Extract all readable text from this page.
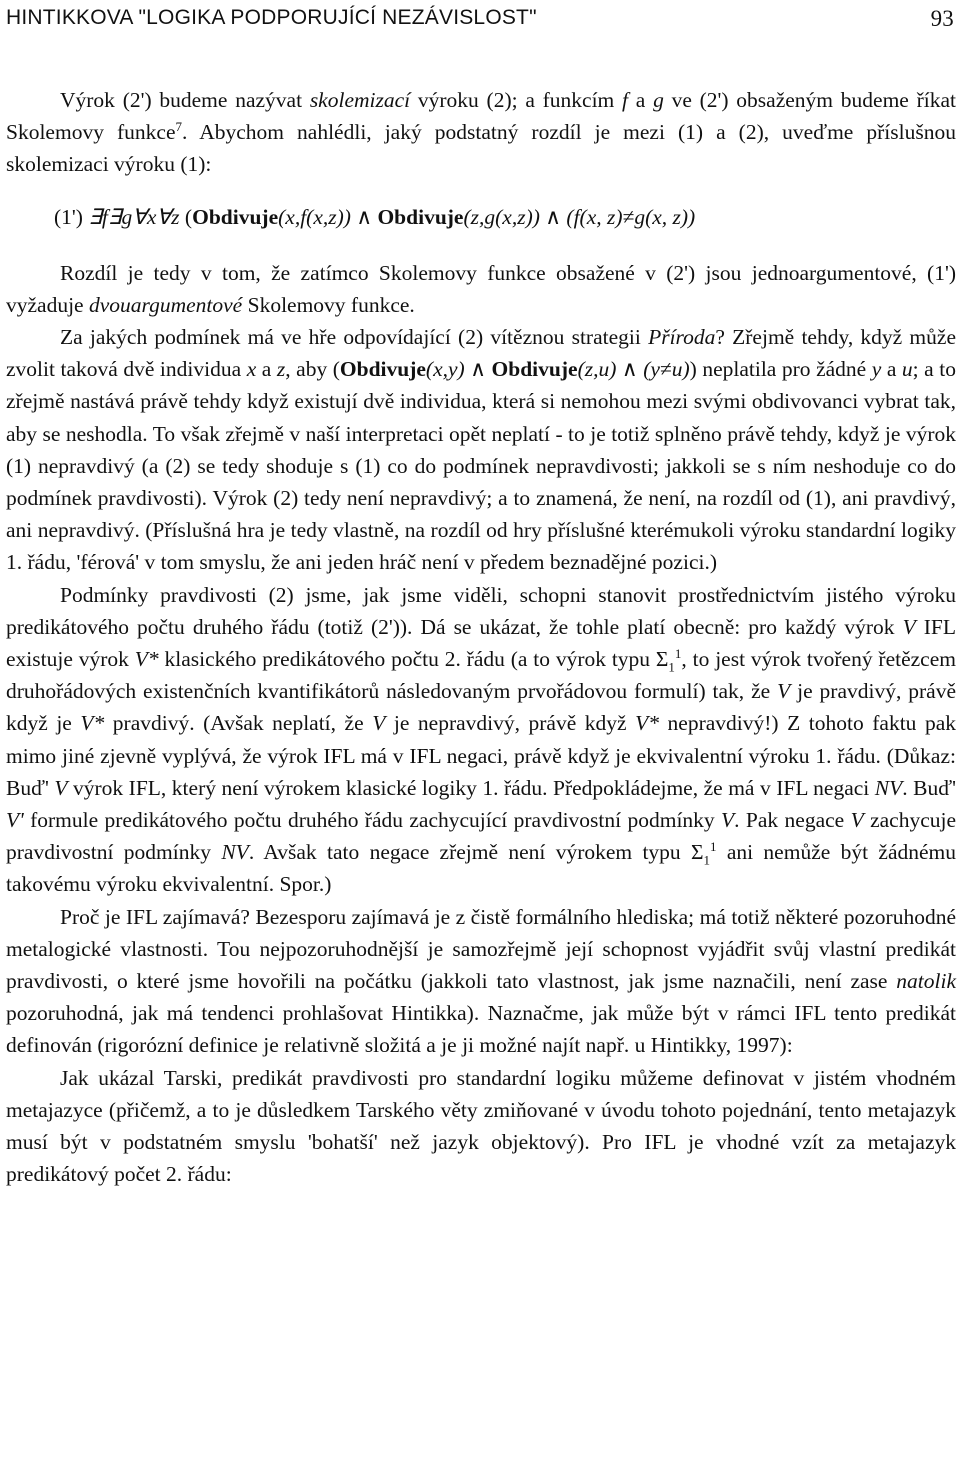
HINTIKKOVA "LOGIKA PODPORUJÍCÍ NEZÁVISLOST"	93

Výrok (2') budeme nazývat skolemizací výroku (2); a funkcím f a g ve (2') obsaženým budeme říkat Skolemovy funkce$^7$. Abychom nahlédli, jaký podstatný rozdíl je mezi (1) a (2), uveďme příslušnou skolemizaci výroku (1):

(1') ∃f∃g∀x∀z (Obdivuje(x,f(x,z)) ∧ Obdivuje(z,g(x,z)) ∧ (f(x, z)≠g(x, z))

Rozdíl je tedy v tom, že zatímco Skolemovy funkce obsažené v (2') jsou jednoargumentové, (1') vyžaduje dvouargumentové Skolemovy funkce.

Za jakých podmínek má ve hře odpovídající (2) vítěznou strategii Příroda? Zřejmě tehdy, když může zvolit taková dvě individua x a z, aby (Obdivuje(x,y) ∧ Obdivuje(z,u) ∧ (y≠u)) neplatila pro žádné y a u; a to zřejmě nastává právě tehdy když existují dvě individua, která si nemohou mezi svými obdivovanci vybrat tak, aby se neshodla. To však zřejmě v naší interpretaci opět neplatí - to je totiž splněno právě tehdy, když je výrok (1) nepravdivý (a (2) se tedy shoduje s (1) co do podmínek nepravdivosti; jakkoli se s ním neshoduje co do podmínek pravdivosti). Výrok (2) tedy není nepravdivý; a to znamená, že není, na rozdíl od (1), ani pravdivý, ani nepravdivý. (Příslušná hra je tedy vlastně, na rozdíl od hry příslušné kterémukoli výroku standardní logiky 1. řádu, 'férová' v tom smyslu, že ani jeden hráč není v předem beznadějné pozici.)

Podmínky pravdivosti (2) jsme, jak jsme viděli, schopni stanovit prostřednictvím jistého výroku predikátového počtu druhého řádu (totiž (2')). Dá se ukázat, že tohle platí obecně: pro každý výrok V IFL existuje výrok V* klasického predikátového počtu 2. řádu (a to výrok typu $\Sigma_1^1$, to jest výrok tvořený řetězcem druhořádových existenčních kvantifikátorů následovaným prvořádovou formulí) tak, že V je pravdivý, právě když je V* pravdivý. (Avšak neplatí, že V je nepravdivý, právě když V* nepravdivý!) Z tohoto faktu pak mimo jiné zjevně vyplývá, že výrok IFL má v IFL negaci, právě když je ekvivalentní výroku 1. řádu. (Důkaz: Buď' V výrok IFL, který není výrokem klasické logiky 1. řádu. Předpokládejme, že má v IFL negaci NV. Buď' V' formule predikátového počtu druhého řádu zachycující pravdivostní podmínky V. Pak negace V zachycuje pravdivostní podmínky NV. Avšak tato negace zřejmě není výrokem typu $\Sigma_1^1$ ani nemůže být žádnému takovému výroku ekvivalentní. Spor.)

Proč je IFL zajímavá? Bezesporu zajímavá je z čistě formálního hlediska; má totiž některé pozoruhodné metalogické vlastnosti. Tou nejpozoruhodnější je samozřejmě její schopnost vyjádřit svůj vlastní predikát pravdivosti, o které jsme hovořili na počátku (jakkoli tato vlastnost, jak jsme naznačili, není zase natolik pozoruhodná, jak má tendenci prohlašovat Hintikka). Naznačme, jak může být v rámci IFL tento predikát definován (rigorózní definice je relativně složitá a je ji možné najít např. u Hintikky, 1997):

Jak ukázal Tarski, predikát pravdivosti pro standardní logiku můžeme definovat v jistém vhodném metajazyce (přičemž, a to je důsledkem Tarského věty zmiňované v úvodu tohoto pojednání, tento metajazyk musí být v podstatném smyslu 'bohatší' než jazyk objektový). Pro IFL je vhodné vzít za metajazyk predikátový počet 2. řádu:
